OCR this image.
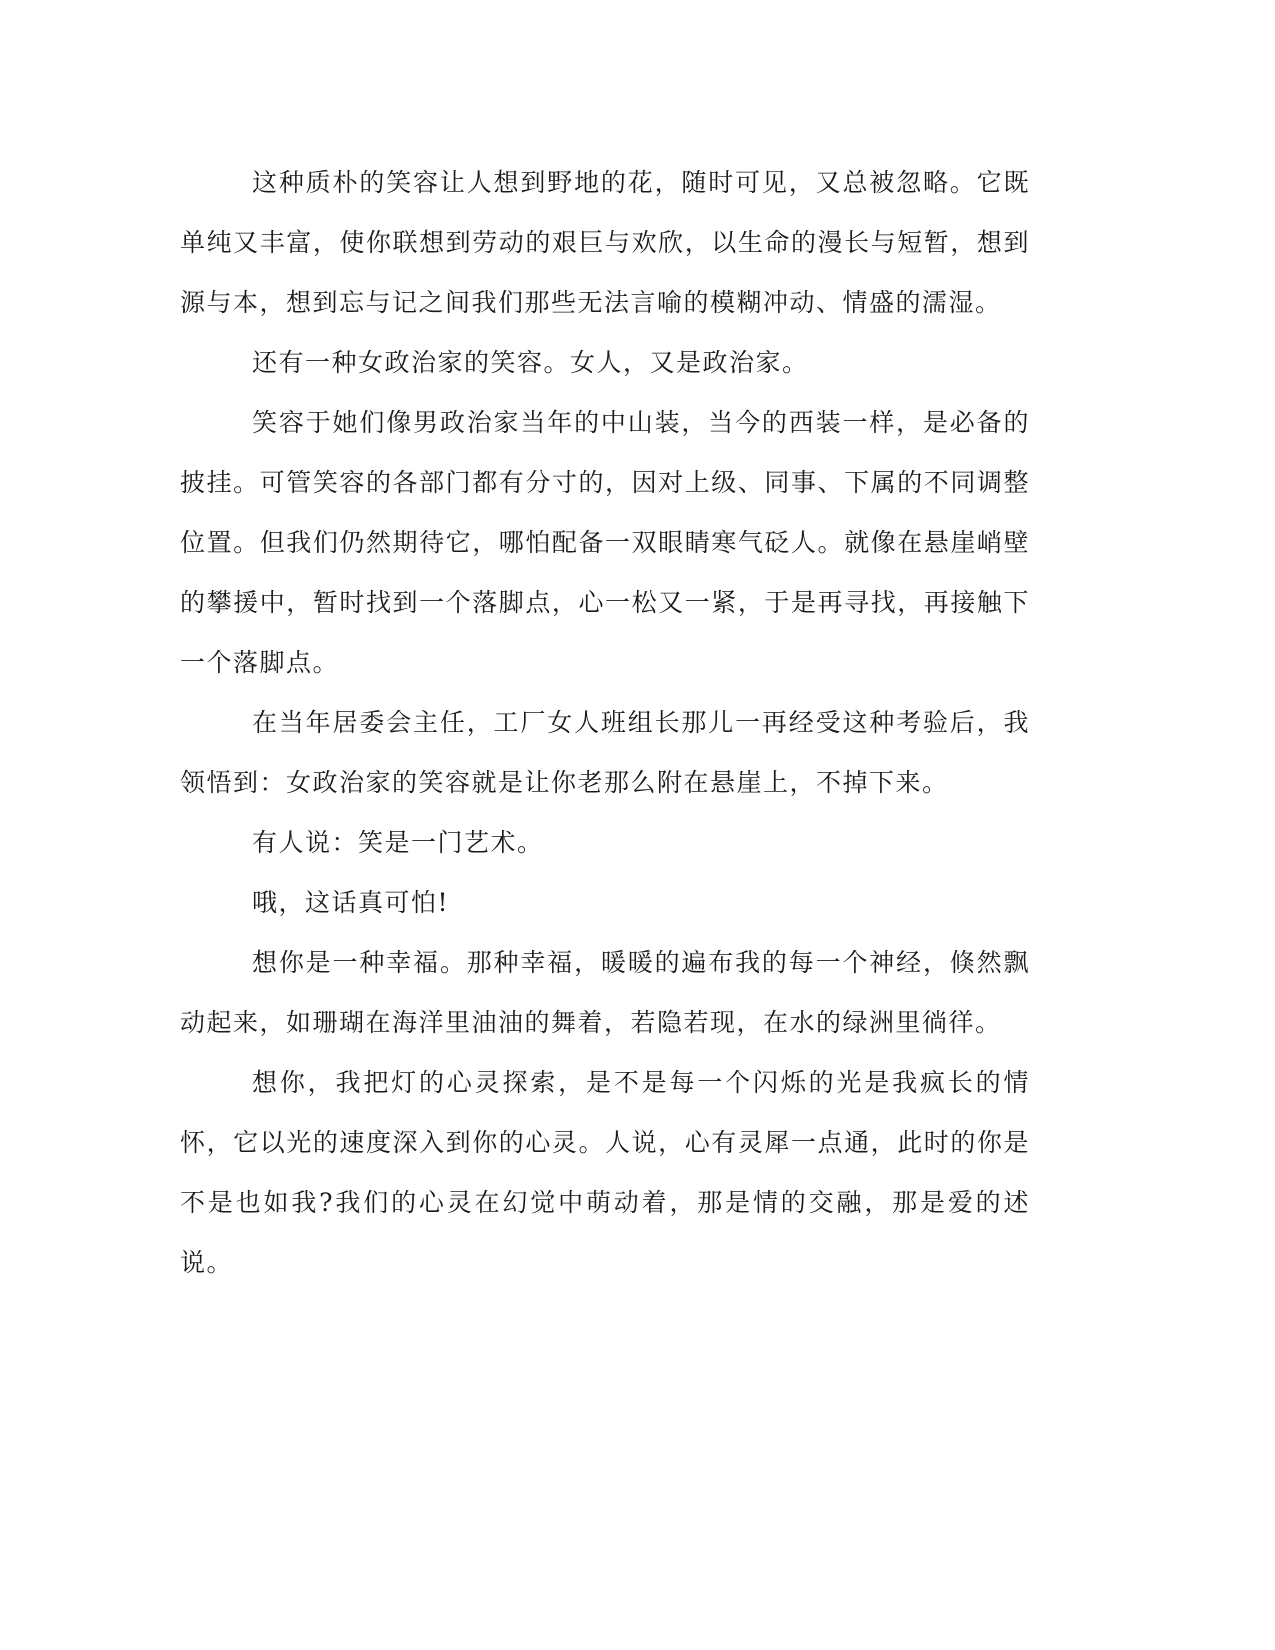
这种质朴的笑容让人想到野地的花，随时可见，又总被忽略。它既单纯又丰富，使你联想到劳动的艰巨与欢欣，以生命的漫长与短暂，想到源与本，想到忘与记之间我们那些无法言喻的模糊冲动、情盛的濡湿。

还有一种女政治家的笑容。女人，又是政治家。

笑容于她们像男政治家当年的中山装，当今的西装一样，是必备的披挂。可管笑容的各部门都有分寸的，因对上级、同事、下属的不同调整位置。但我们仍然期待它，哪怕配备一双眼睛寒气砭人。就像在悬崖峭壁的攀援中，暂时找到一个落脚点，心一松又一紧，于是再寻找，再接触下一个落脚点。

在当年居委会主任，工厂女人班组长那儿一再经受这种考验后，我领悟到：女政治家的笑容就是让你老那么附在悬崖上，不掉下来。

有人说：笑是一门艺术。

哦，这话真可怕!

想你是一种幸福。那种幸福，暖暖的遍布我的每一个神经，倏然飘动起来，如珊瑚在海洋里油油的舞着，若隐若现，在水的绿洲里徜徉。

想你，我把灯的心灵探索，是不是每一个闪烁的光是我疯长的情怀，它以光的速度深入到你的心灵。人说，心有灵犀一点通，此时的你是不是也如我?我们的心灵在幻觉中萌动着，那是情的交融，那是爱的述说。
